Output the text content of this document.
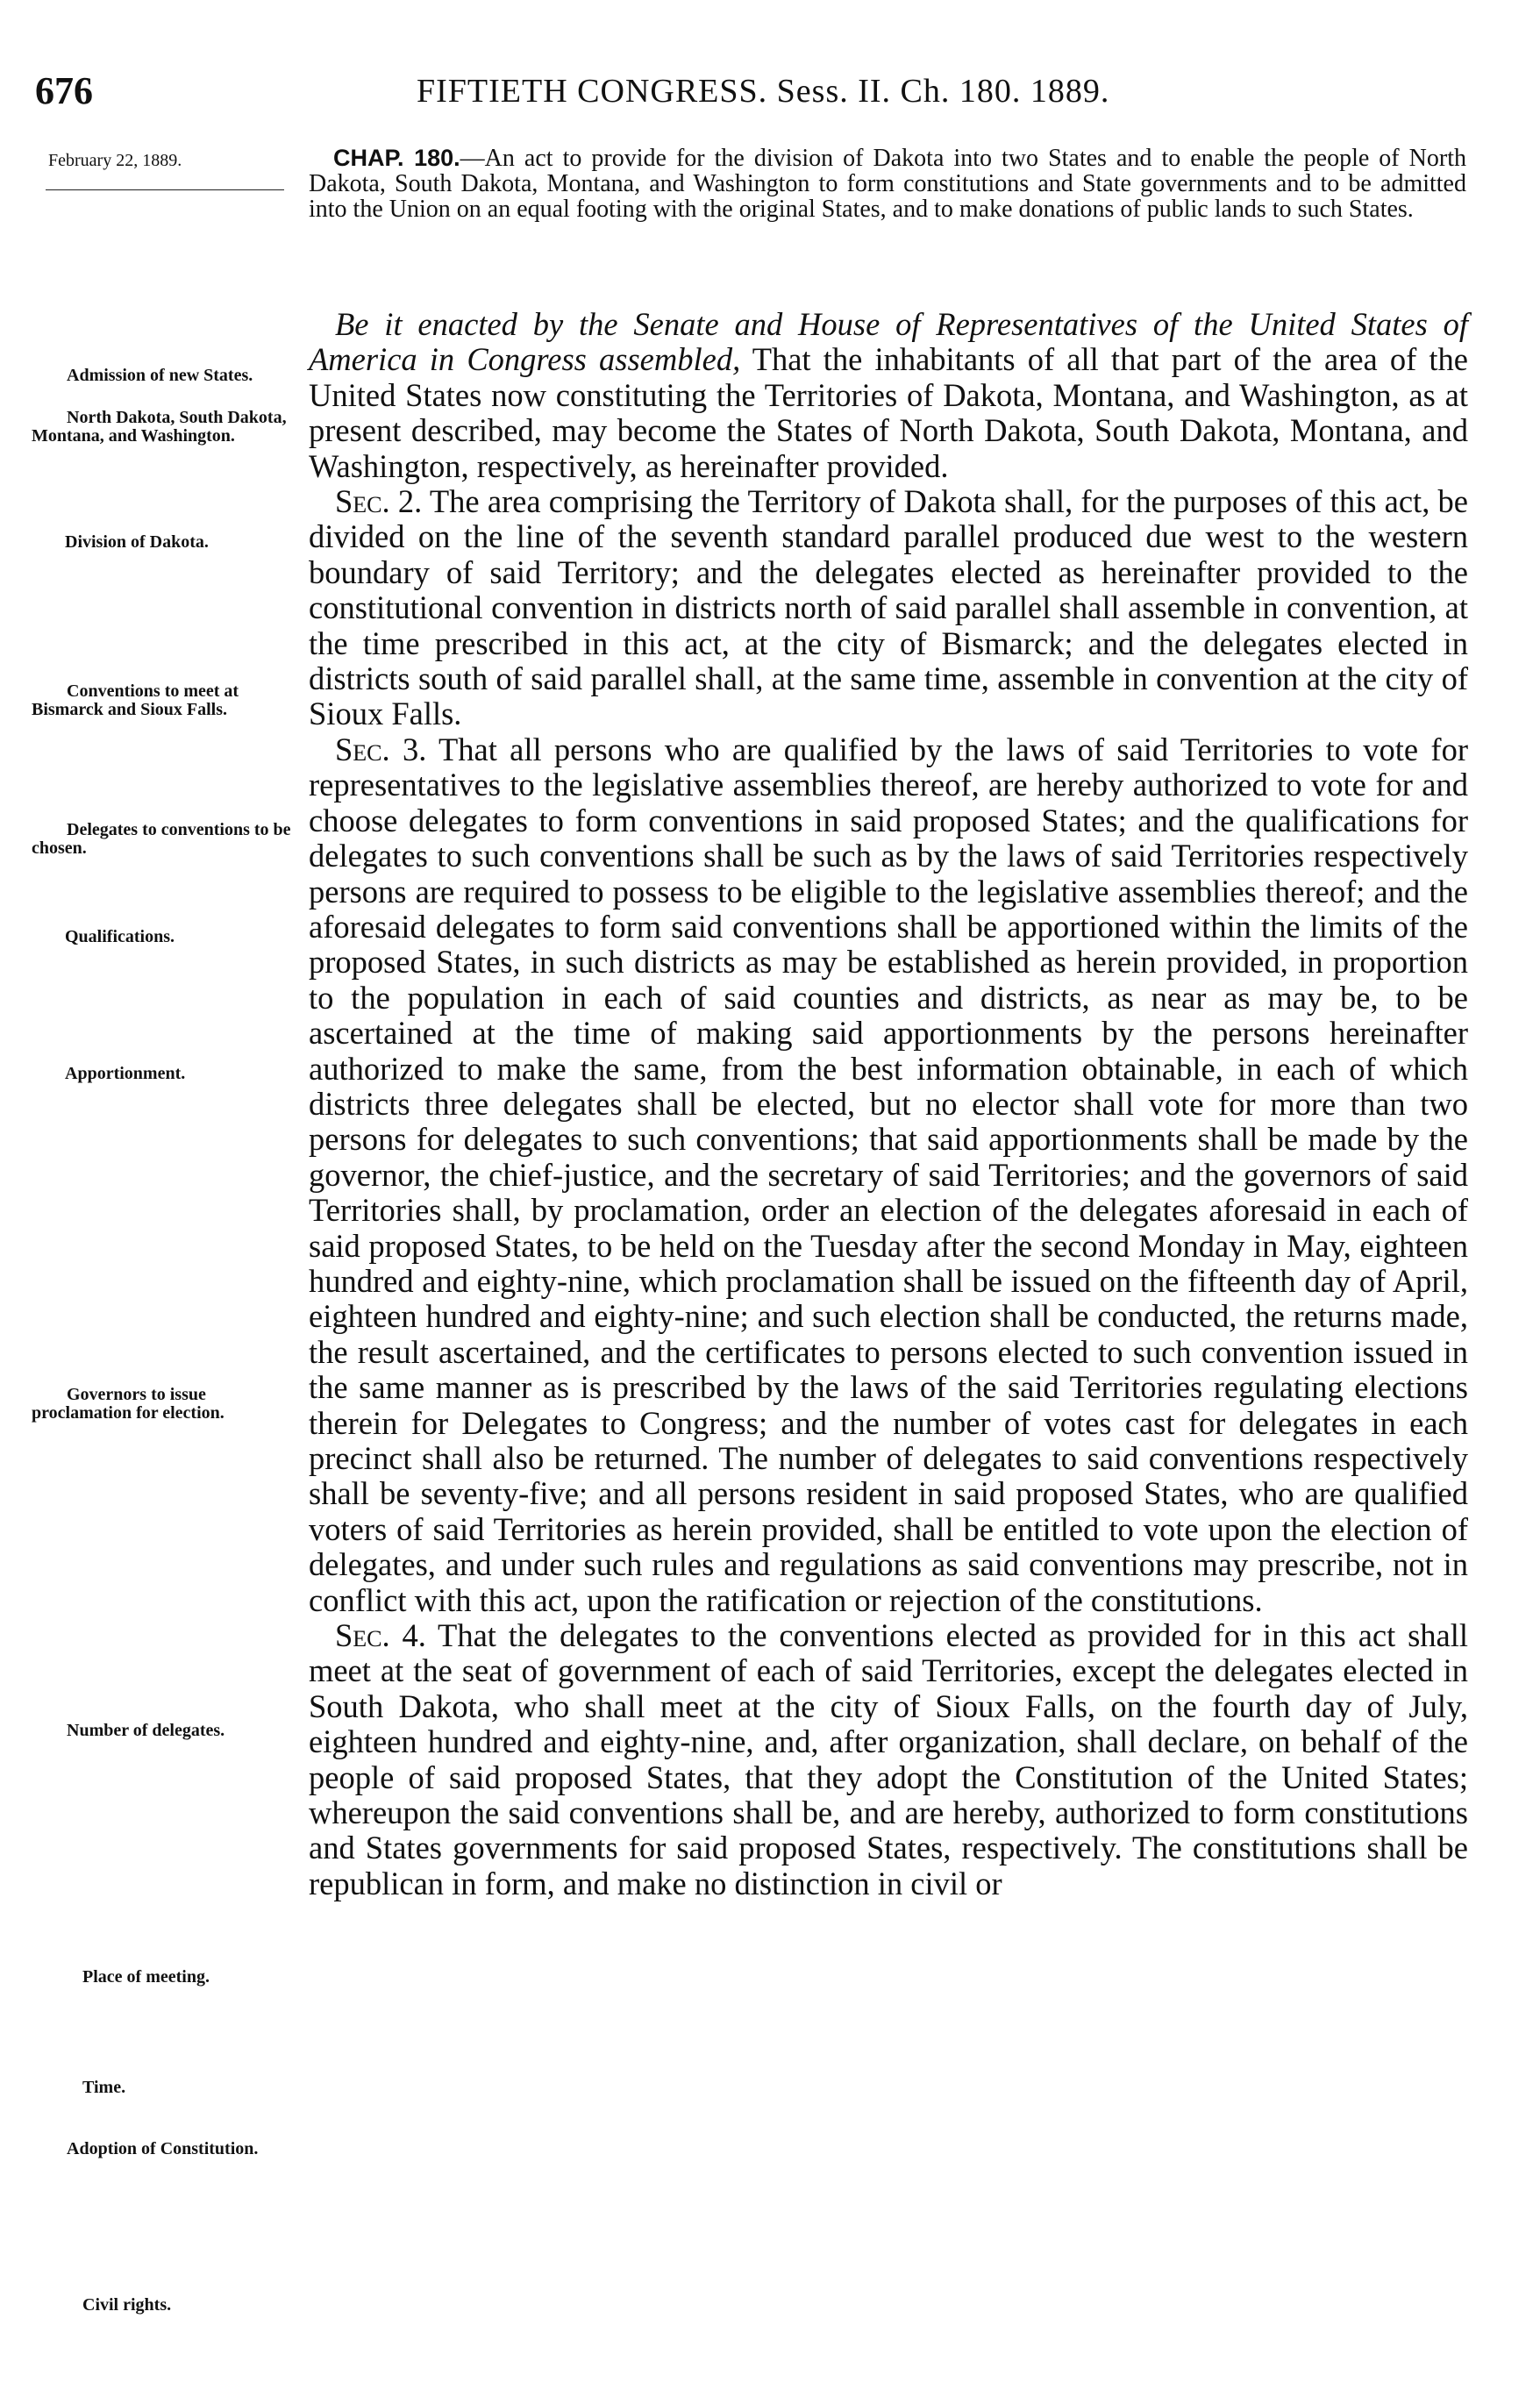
676	FIFTIETH CONGRESS. Sess. II. Ch. 180. 1889.
February 22, 1889.	CHAP. 180.—An act to provide for the division of Dakota into two States and to enable the people of North Dakota, South Dakota, Montana, and Washington to form constitutions and State governments and to be admitted into the Union on an equal footing with the original States, and to make donations of public lands to such States.

Be it enacted by the Senate and House of Representatives of the United States of America in Congress assembled, That the inhabitants of all that part of the area of the United States now constituting the Territories of Dakota, Montana, and Washington, as at present described, may become the States of North Dakota, South Dakota, Montana, and Washington, respectively, as hereinafter provided.

Sec. 2. The area comprising the Territory of Dakota shall, for the purposes of this act, be divided on the line of the seventh standard parallel produced due west to the western boundary of said Territory; and the delegates elected as hereinafter provided to the constitutional convention in districts north of said parallel shall assemble in convention, at the time prescribed in this act, at the city of Bismarck; and the delegates elected in districts south of said parallel shall, at the same time, assemble in convention at the city of Sioux Falls.

Sec. 3. That all persons who are qualified by the laws of said Territories to vote for representatives to the legislative assemblies thereof, are hereby authorized to vote for and choose delegates to form conventions in said proposed States; and the qualifications for delegates to such conventions shall be such as by the laws of said Territories respectively persons are required to possess to be eligible to the legislative assemblies thereof; and the aforesaid delegates to form said conventions shall be apportioned within the limits of the proposed States, in such districts as may be established as herein provided, in proportion to the population in each of said counties and districts, as near as may be, to be ascertained at the time of making said apportionments by the persons hereinafter authorized to make the same, from the best information obtainable, in each of which districts three delegates shall be elected, but no elector shall vote for more than two persons for delegates to such conventions; that said apportionments shall be made by the governor, the chief-justice, and the secretary of said Territories; and the governors of said Territories shall, by proclamation, order an election of the delegates aforesaid in each of said proposed States, to be held on the Tuesday after the second Monday in May, eighteen hundred and eighty-nine, which proclamation shall be issued on the fifteenth day of April, eighteen hundred and eighty-nine; and such election shall be conducted, the returns made, the result ascertained, and the certificates to persons elected to such convention issued in the same manner as is prescribed by the laws of the said Territories regulating elections therein for Delegates to Congress; and the number of votes cast for delegates in each precinct shall also be returned. The number of delegates to said conventions respectively shall be seventy-five; and all persons resident in said proposed States, who are qualified voters of said Territories as herein provided, shall be entitled to vote upon the election of delegates, and under such rules and regulations as said conventions may prescribe, not in conflict with this act, upon the ratification or rejection of the constitutions.

Sec. 4. That the delegates to the conventions elected as provided for in this act shall meet at the seat of government of each of said Territories, except the delegates elected in South Dakota, who shall meet at the city of Sioux Falls, on the fourth day of July, eighteen hundred and eighty-nine, and, after organization, shall declare, on behalf of the people of said proposed States, that they adopt the Constitution of the United States; whereupon the said conventions shall be, and are hereby, authorized to form constitutions and States governments for said proposed States, respectively. The constitutions shall be republican in form, and make no distinction in civil or

Admission of new States.
North Dakota, South Dakota, Montana, and Washington.
Division of Dakota.
Conventions to meet at Bismarck and Sioux Falls.
Delegates to conventions to be chosen.
Qualifications.
Apportionment.
Governors to issue proclamation for election.
Number of delegates.
Place of meeting.
Time.
Adoption of Constitution.
Civil rights.
